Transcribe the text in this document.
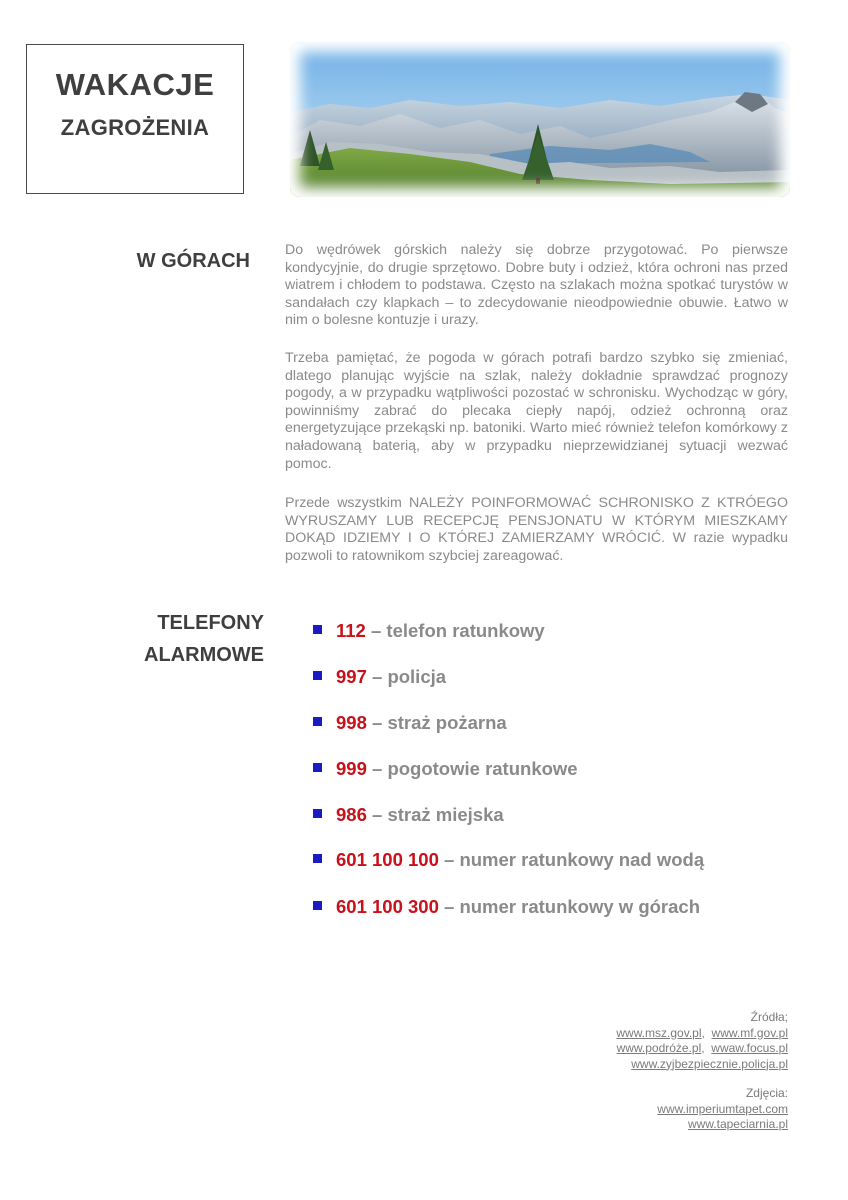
WAKACJE
ZAGROŻENIA
W GÓRACH Do wędrówek górskich należy się dobrze przygotować. Po pierwsze kondycyjnie, do drugie sprzętowo. Dobre buty i odzież, która ochroni nas przed wiatrem i chłodem to podstawa. Często na szlakach można spotkać turystów w sandałach czy klapkach – to zdecydowanie nieodpowiednie obuwie. Łatwo w nim o bolesne kontuzje i urazy.

Trzeba pamiętać, że pogoda w górach potrafi bardzo szybko się zmieniać, dlatego planując wyjście na szlak, należy dokładnie sprawdzać prognozy pogody, a w przypadku wątpliwości pozostać w schronisku. Wychodząc w góry, powinniśmy zabrać do plecaka ciepły napój, odzież ochronną oraz energetyzujące przekąski np. batoniki. Warto mieć również telefon komórkowy z naładowaną baterią, aby w przypadku nieprzewidzianej sytuacji wezwać pomoc.

Przede wszystkim NALEŻY POINFORMOWAĆ SCHRONISKO Z KTRÓEGO WYRUSZAMY LUB RECEPCJĘ PENSJONATU W KTÓRYM MIESZKAMY DOKĄD IDZIEMY I O KTÓREJ ZAMIERZAMY WRÓCIĆ. W razie wypadku pozwoli to ratownikom szybciej zareagować.

TELEFONY
ALARMOWE
112 – telefon ratunkowy
997 – policja
998 – straż pożarna
999 – pogotowie ratunkowe
986 – straż miejska
601 100 100 – numer ratunkowy nad wodą
601 100 300 – numer ratunkowy w górach
Źródła;
www.msz.gov.pl,  www.mf.gov.pl
www.podróże.pl,  wwaw.focus.pl
www.zyjbezpiecznie.policja.pl
Zdjęcia:
www.imperiumtapet.com
www.tapeciarnia.pl
